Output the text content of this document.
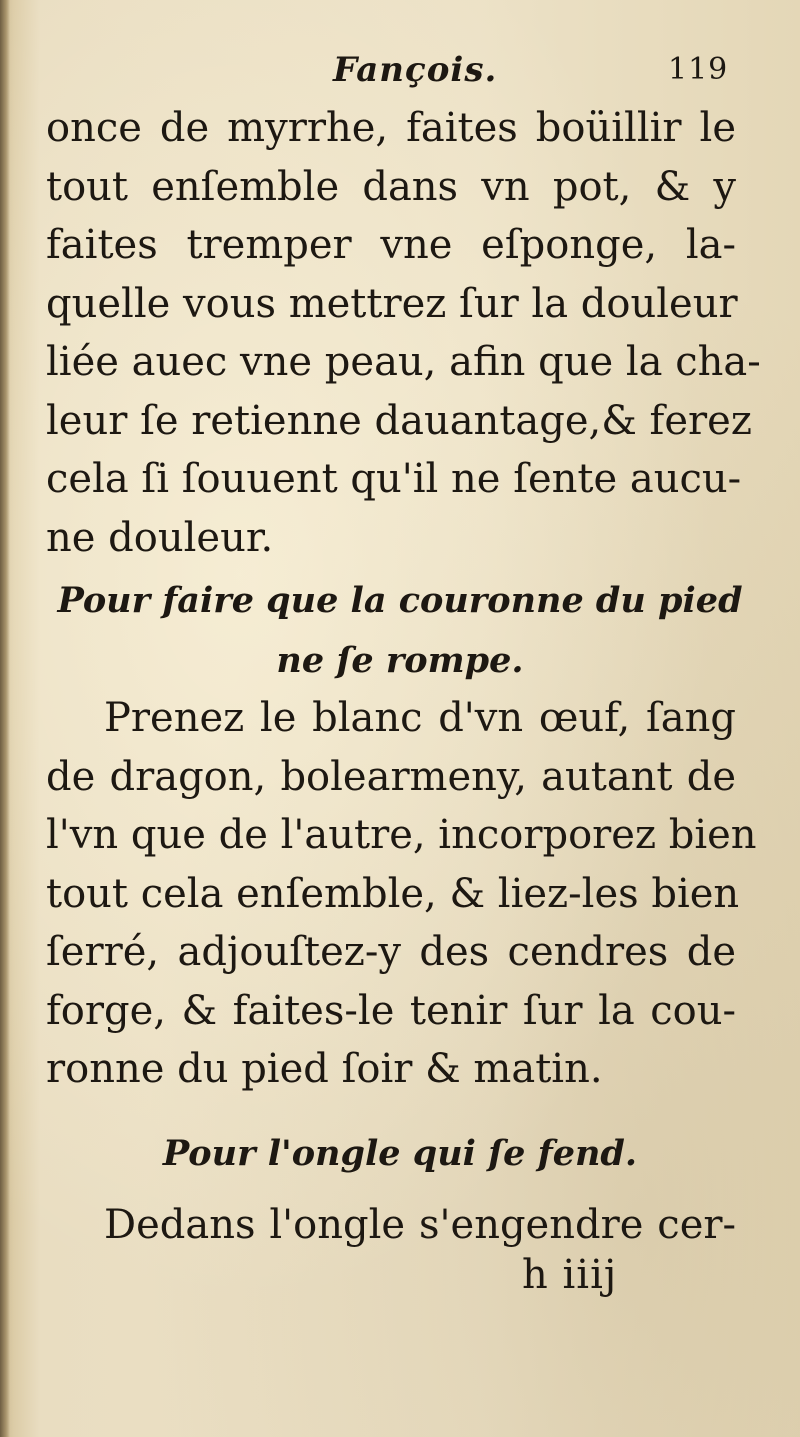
Fançois.	119
once de myrrhe, faites boüillir le
tout enſemble dans vn pot, & y
faites tremper vne eſponge, la-
quelle vous mettrez ſur la douleur
liée auec vne peau, afin que la cha-
leur ſe retienne dauantage,& ferez
cela ſi ſouuent qu'il ne ſente aucu-
ne douleur.
Pour faire que la couronne du pied
ne ſe rompe.
Prenez le blanc d'vn œuf, ſang
de dragon, bolearmeny, autant de
l'vn que de l'autre, incorporez bien
tout cela enſemble, & liez-les bien
ſerré, adjouſtez-y des cendres de
forge, & faites-le tenir ſur la cou-
ronne du pied ſoir & matin.
Pour l'ongle qui ſe fend.
Dedans l'ongle s'engendre cer-
h iiij
